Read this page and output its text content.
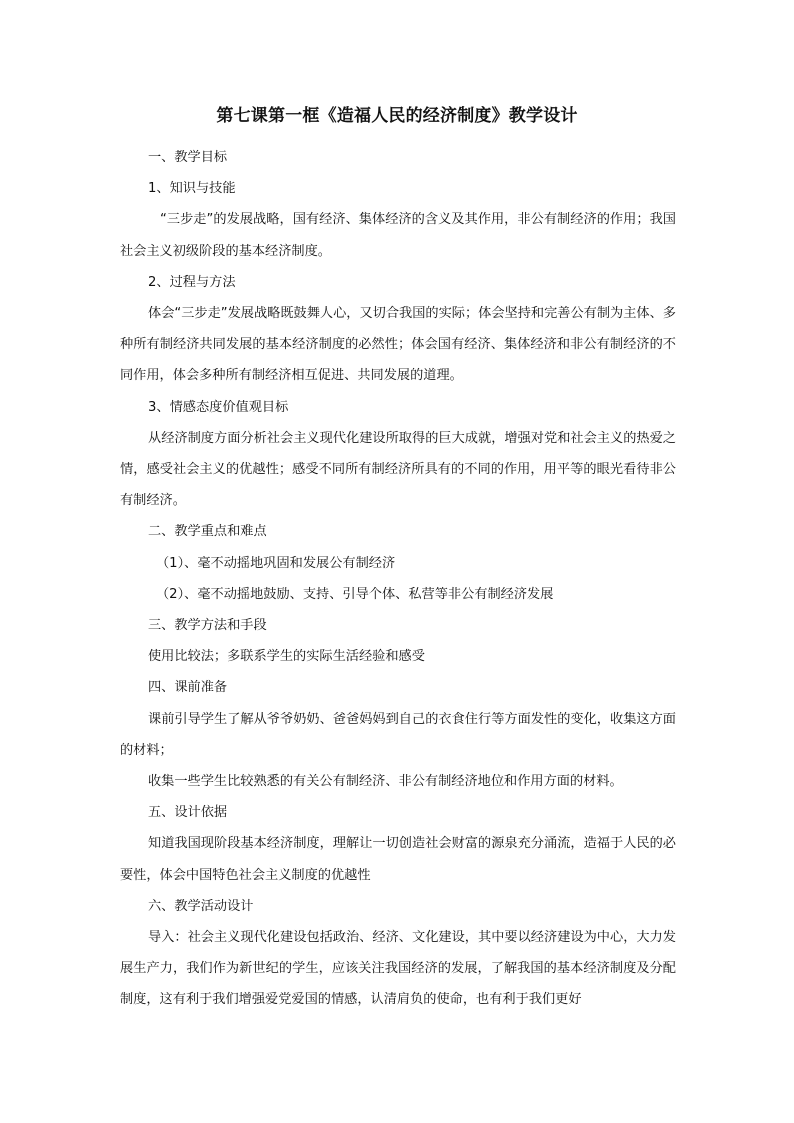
第七课第一框《造福人民的经济制度》教学设计

一、教学目标

1、知识与技能

“三步走”的发展战略，国有经济、集体经济的含义及其作用，非公有制经济的作用；我国社会主义初级阶段的基本经济制度。

2、过程与方法

体会“三步走”发展战略既鼓舞人心，又切合我国的实际；体会坚持和完善公有制为主体、多种所有制经济共同发展的基本经济制度的必然性；体会国有经济、集体经济和非公有制经济的不同作用，体会多种所有制经济相互促进、共同发展的道理。

3、情感态度价值观目标

从经济制度方面分析社会主义现代化建设所取得的巨大成就，增强对党和社会主义的热爱之情，感受社会主义的优越性；感受不同所有制经济所具有的不同的作用，用平等的眼光看待非公有制经济。

二、教学重点和难点

（1）、毫不动摇地巩固和发展公有制经济

（2）、毫不动摇地鼓励、支持、引导个体、私营等非公有制经济发展

三、教学方法和手段

使用比较法；多联系学生的实际生活经验和感受

四、课前准备

课前引导学生了解从爷爷奶奶、爸爸妈妈到自己的衣食住行等方面发性的变化，收集这方面的材料；

收集一些学生比较熟悉的有关公有制经济、非公有制经济地位和作用方面的材料。

五、设计依据

知道我国现阶段基本经济制度，理解让一切创造社会财富的源泉充分涌流，造福于人民的必要性，体会中国特色社会主义制度的优越性

六、教学活动设计

导入：社会主义现代化建设包括政治、经济、文化建设，其中要以经济建设为中心，大力发展生产力，我们作为新世纪的学生，应该关注我国经济的发展，了解我国的基本经济制度及分配制度，这有利于我们增强爱党爱国的情感，认清肩负的使命，也有利于我们更好
